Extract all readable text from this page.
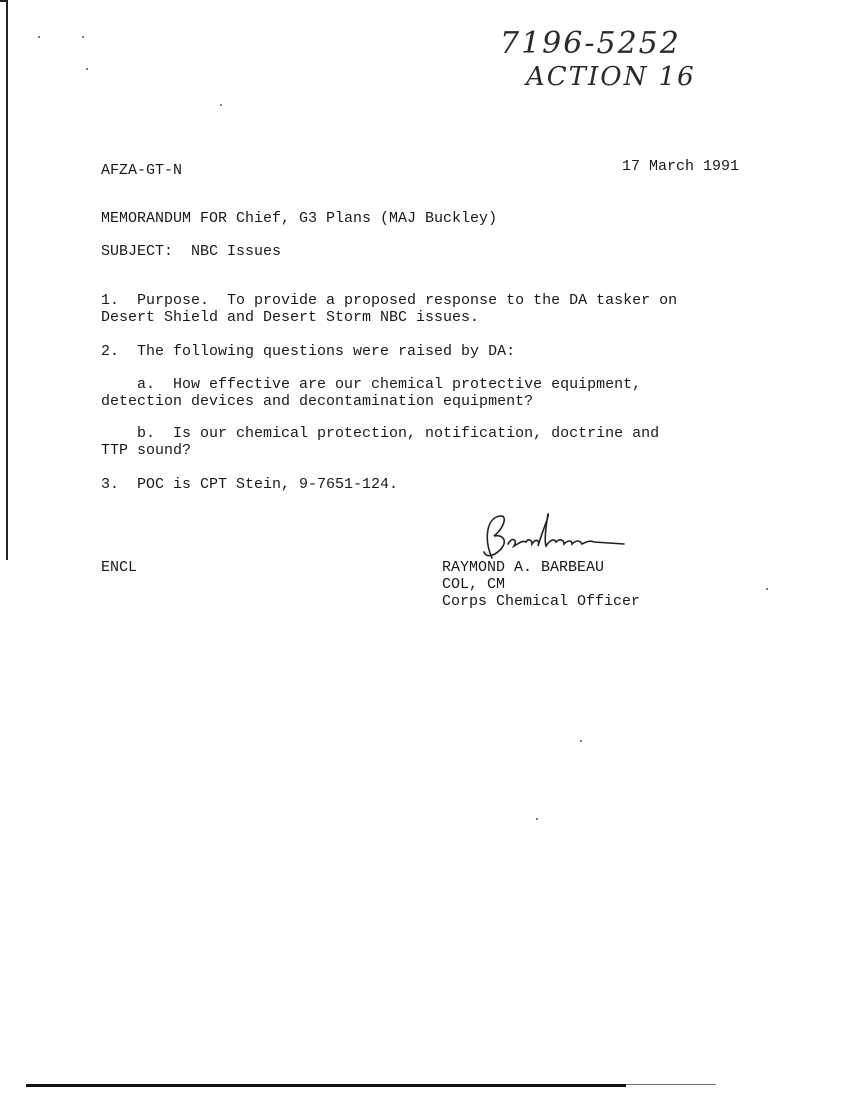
7196-5252
ACTION 16
AFZA-GT-N	17 March 1991
MEMORANDUM FOR Chief, G3 Plans (MAJ Buckley)
SUBJECT:  NBC Issues
1.  Purpose.  To provide a proposed response to the DA tasker on
Desert Shield and Desert Storm NBC issues.
2.  The following questions were raised by DA:
a.  How effective are our chemical protective equipment,
detection devices and decontamination equipment?
b.  Is our chemical protection, notification, doctrine and
TTP sound?
3.  POC is CPT Stein, 9-7651-124.
ENCL	RAYMOND A. BARBEAU
COL, CM
Corps Chemical Officer
